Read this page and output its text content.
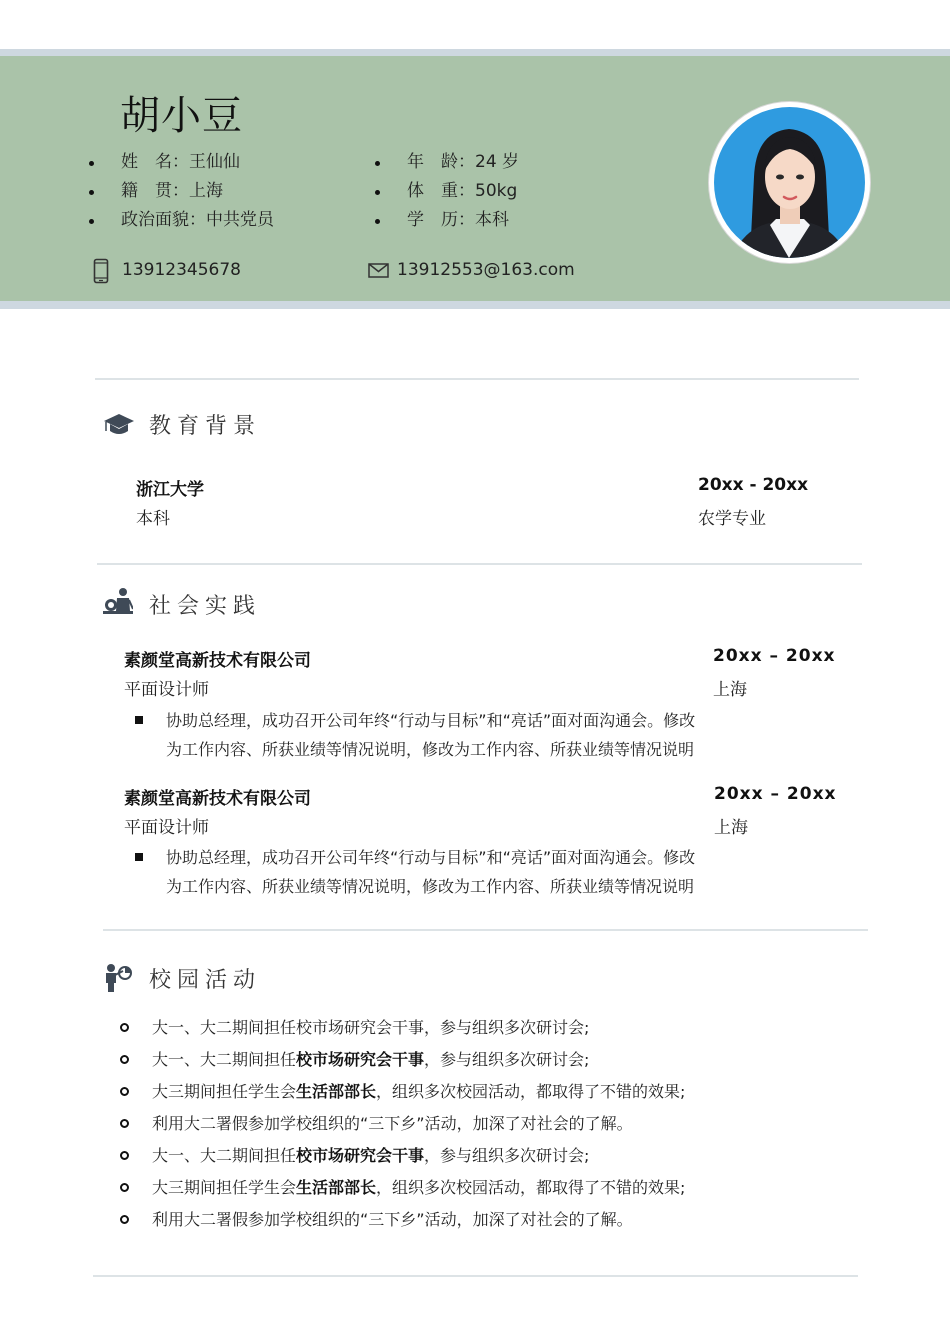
胡小豆
姓　名：王仙仙
籍　贯：上海
政治面貌：中共党员
年　龄：24 岁
体　重：50kg
学　历：本科
13912345678	13912553@163.com
教育背景
浙江大学	20xx - 20xx
本科	农学专业
社会实践
素颜堂高新技术有限公司	20xx – 20xx
平面设计师	上海
协助总经理，成功召开公司年终“行动与目标”和“亮话”面对面沟通会。修改
为工作内容、所获业绩等情况说明，修改为工作内容、所获业绩等情况说明
素颜堂高新技术有限公司	20xx – 20xx
平面设计师	上海
协助总经理，成功召开公司年终“行动与目标”和“亮话”面对面沟通会。修改
为工作内容、所获业绩等情况说明，修改为工作内容、所获业绩等情况说明
校园活动
大一、大二期间担任校市场研究会干事，参与组织多次研讨会;
大一、大二期间担任校市场研究会干事，参与组织多次研讨会;
大三期间担任学生会生活部部长，组织多次校园活动，都取得了不错的效果;
利用大二署假参加学校组织的“三下乡”活动，加深了对社会的了解。
大一、大二期间担任校市场研究会干事，参与组织多次研讨会;
大三期间担任学生会生活部部长，组织多次校园活动，都取得了不错的效果;
利用大二署假参加学校组织的“三下乡”活动，加深了对社会的了解。
